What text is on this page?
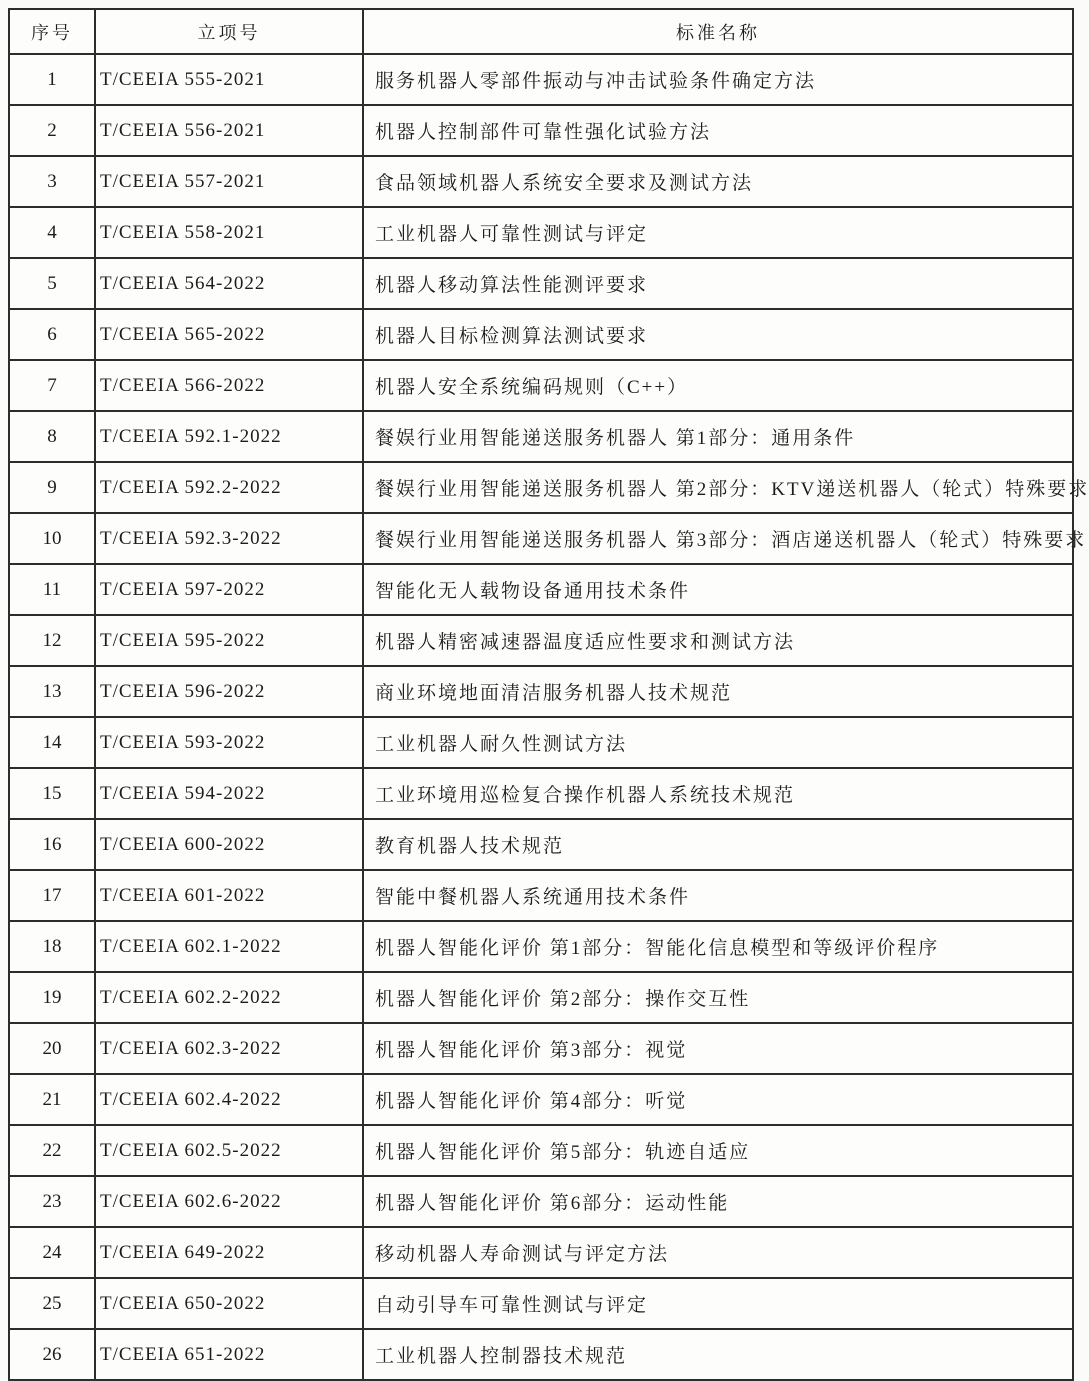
序号	立项号	标准名称
1	T/CEEIA 555-2021	服务机器人零部件振动与冲击试验条件确定方法
2	T/CEEIA 556-2021	机器人控制部件可靠性强化试验方法
3	T/CEEIA 557-2021	食品领域机器人系统安全要求及测试方法
4	T/CEEIA 558-2021	工业机器人可靠性测试与评定
5	T/CEEIA 564-2022	机器人移动算法性能测评要求
6	T/CEEIA 565-2022	机器人目标检测算法测试要求
7	T/CEEIA 566-2022	机器人安全系统编码规则（C++）
8	T/CEEIA 592.1-2022	餐娱行业用智能递送服务机器人 第1部分：通用条件
9	T/CEEIA 592.2-2022	餐娱行业用智能递送服务机器人 第2部分：KTV递送机器人（轮式）特殊要求
10	T/CEEIA 592.3-2022	餐娱行业用智能递送服务机器人 第3部分：酒店递送机器人（轮式）特殊要求
11	T/CEEIA 597-2022	智能化无人载物设备通用技术条件
12	T/CEEIA 595-2022	机器人精密减速器温度适应性要求和测试方法
13	T/CEEIA 596-2022	商业环境地面清洁服务机器人技术规范
14	T/CEEIA 593-2022	工业机器人耐久性测试方法
15	T/CEEIA 594-2022	工业环境用巡检复合操作机器人系统技术规范
16	T/CEEIA 600-2022	教育机器人技术规范
17	T/CEEIA 601-2022	智能中餐机器人系统通用技术条件
18	T/CEEIA 602.1-2022	机器人智能化评价 第1部分：智能化信息模型和等级评价程序
19	T/CEEIA 602.2-2022	机器人智能化评价 第2部分：操作交互性
20	T/CEEIA 602.3-2022	机器人智能化评价 第3部分：视觉
21	T/CEEIA 602.4-2022	机器人智能化评价 第4部分：听觉
22	T/CEEIA 602.5-2022	机器人智能化评价 第5部分：轨迹自适应
23	T/CEEIA 602.6-2022	机器人智能化评价 第6部分：运动性能
24	T/CEEIA 649-2022	移动机器人寿命测试与评定方法
25	T/CEEIA 650-2022	自动引导车可靠性测试与评定
26	T/CEEIA 651-2022	工业机器人控制器技术规范
